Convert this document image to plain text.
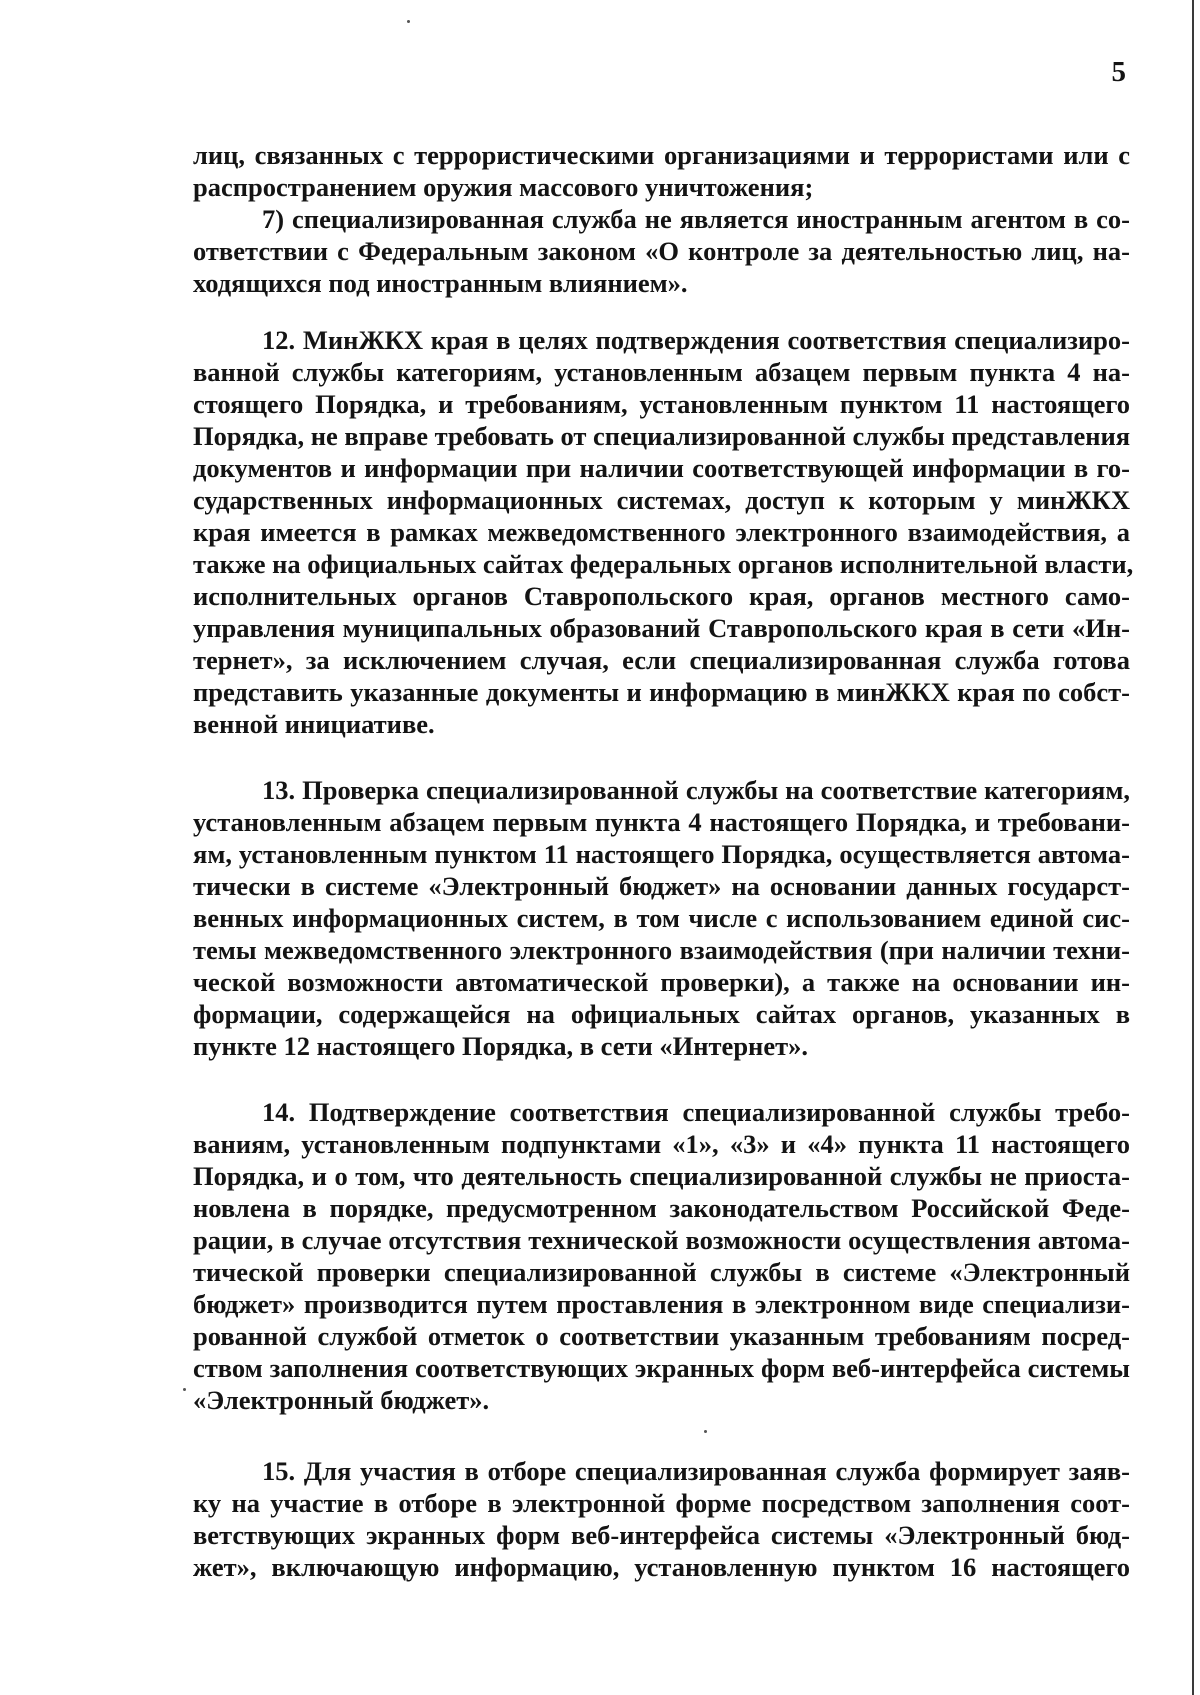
5
лиц, связанных с террористическими организациями и террористами или с
распространением оружия массового уничтожения;
7) специализированная служба не является иностранным агентом в со-
ответствии с Федеральным законом «О контроле за деятельностью лиц, на-
ходящихся под иностранным влиянием».
12. МинЖКХ края в целях подтверждения соответствия специализиро-
ванной службы категориям, установленным абзацем первым пункта 4 на-
стоящего Порядка, и требованиям, установленным пунктом 11 настоящего
Порядка, не вправе требовать от специализированной службы представления
документов и информации при наличии соответствующей информации в го-
сударственных информационных системах, доступ к которым у минЖКХ
края имеется в рамках межведомственного электронного взаимодействия, а
также на официальных сайтах федеральных органов исполнительной власти,
исполнительных органов Ставропольского края, органов местного само-
управления муниципальных образований Ставропольского края в сети «Ин-
тернет», за исключением случая, если специализированная служба готова
представить указанные документы и информацию в минЖКХ края по собст-
венной инициативе.
13. Проверка специализированной службы на соответствие категориям,
установленным абзацем первым пункта 4 настоящего Порядка, и требовани-
ям, установленным пунктом 11 настоящего Порядка, осуществляется автома-
тически в системе «Электронный бюджет» на основании данных государст-
венных информационных систем, в том числе с использованием единой сис-
темы межведомственного электронного взаимодействия (при наличии техни-
ческой возможности автоматической проверки), а также на основании ин-
формации, содержащейся на официальных сайтах органов, указанных в
пункте 12 настоящего Порядка, в сети «Интернет».
14. Подтверждение соответствия специализированной службы требо-
ваниям, установленным подпунктами «1», «3» и «4» пункта 11 настоящего
Порядка, и о том, что деятельность специализированной службы не приоста-
новлена в порядке, предусмотренном законодательством Российской Феде-
рации, в случае отсутствия технической возможности осуществления автома-
тической проверки специализированной службы в системе «Электронный
бюджет» производится путем проставления в электронном виде специализи-
рованной службой отметок о соответствии указанным требованиям посред-
ством заполнения соответствующих экранных форм веб-интерфейса системы
«Электронный бюджет».
15. Для участия в отборе специализированная служба формирует заяв-
ку на участие в отборе в электронной форме посредством заполнения соот-
ветствующих экранных форм веб-интерфейса системы «Электронный бюд-
жет», включающую информацию, установленную пунктом 16 настоящего
